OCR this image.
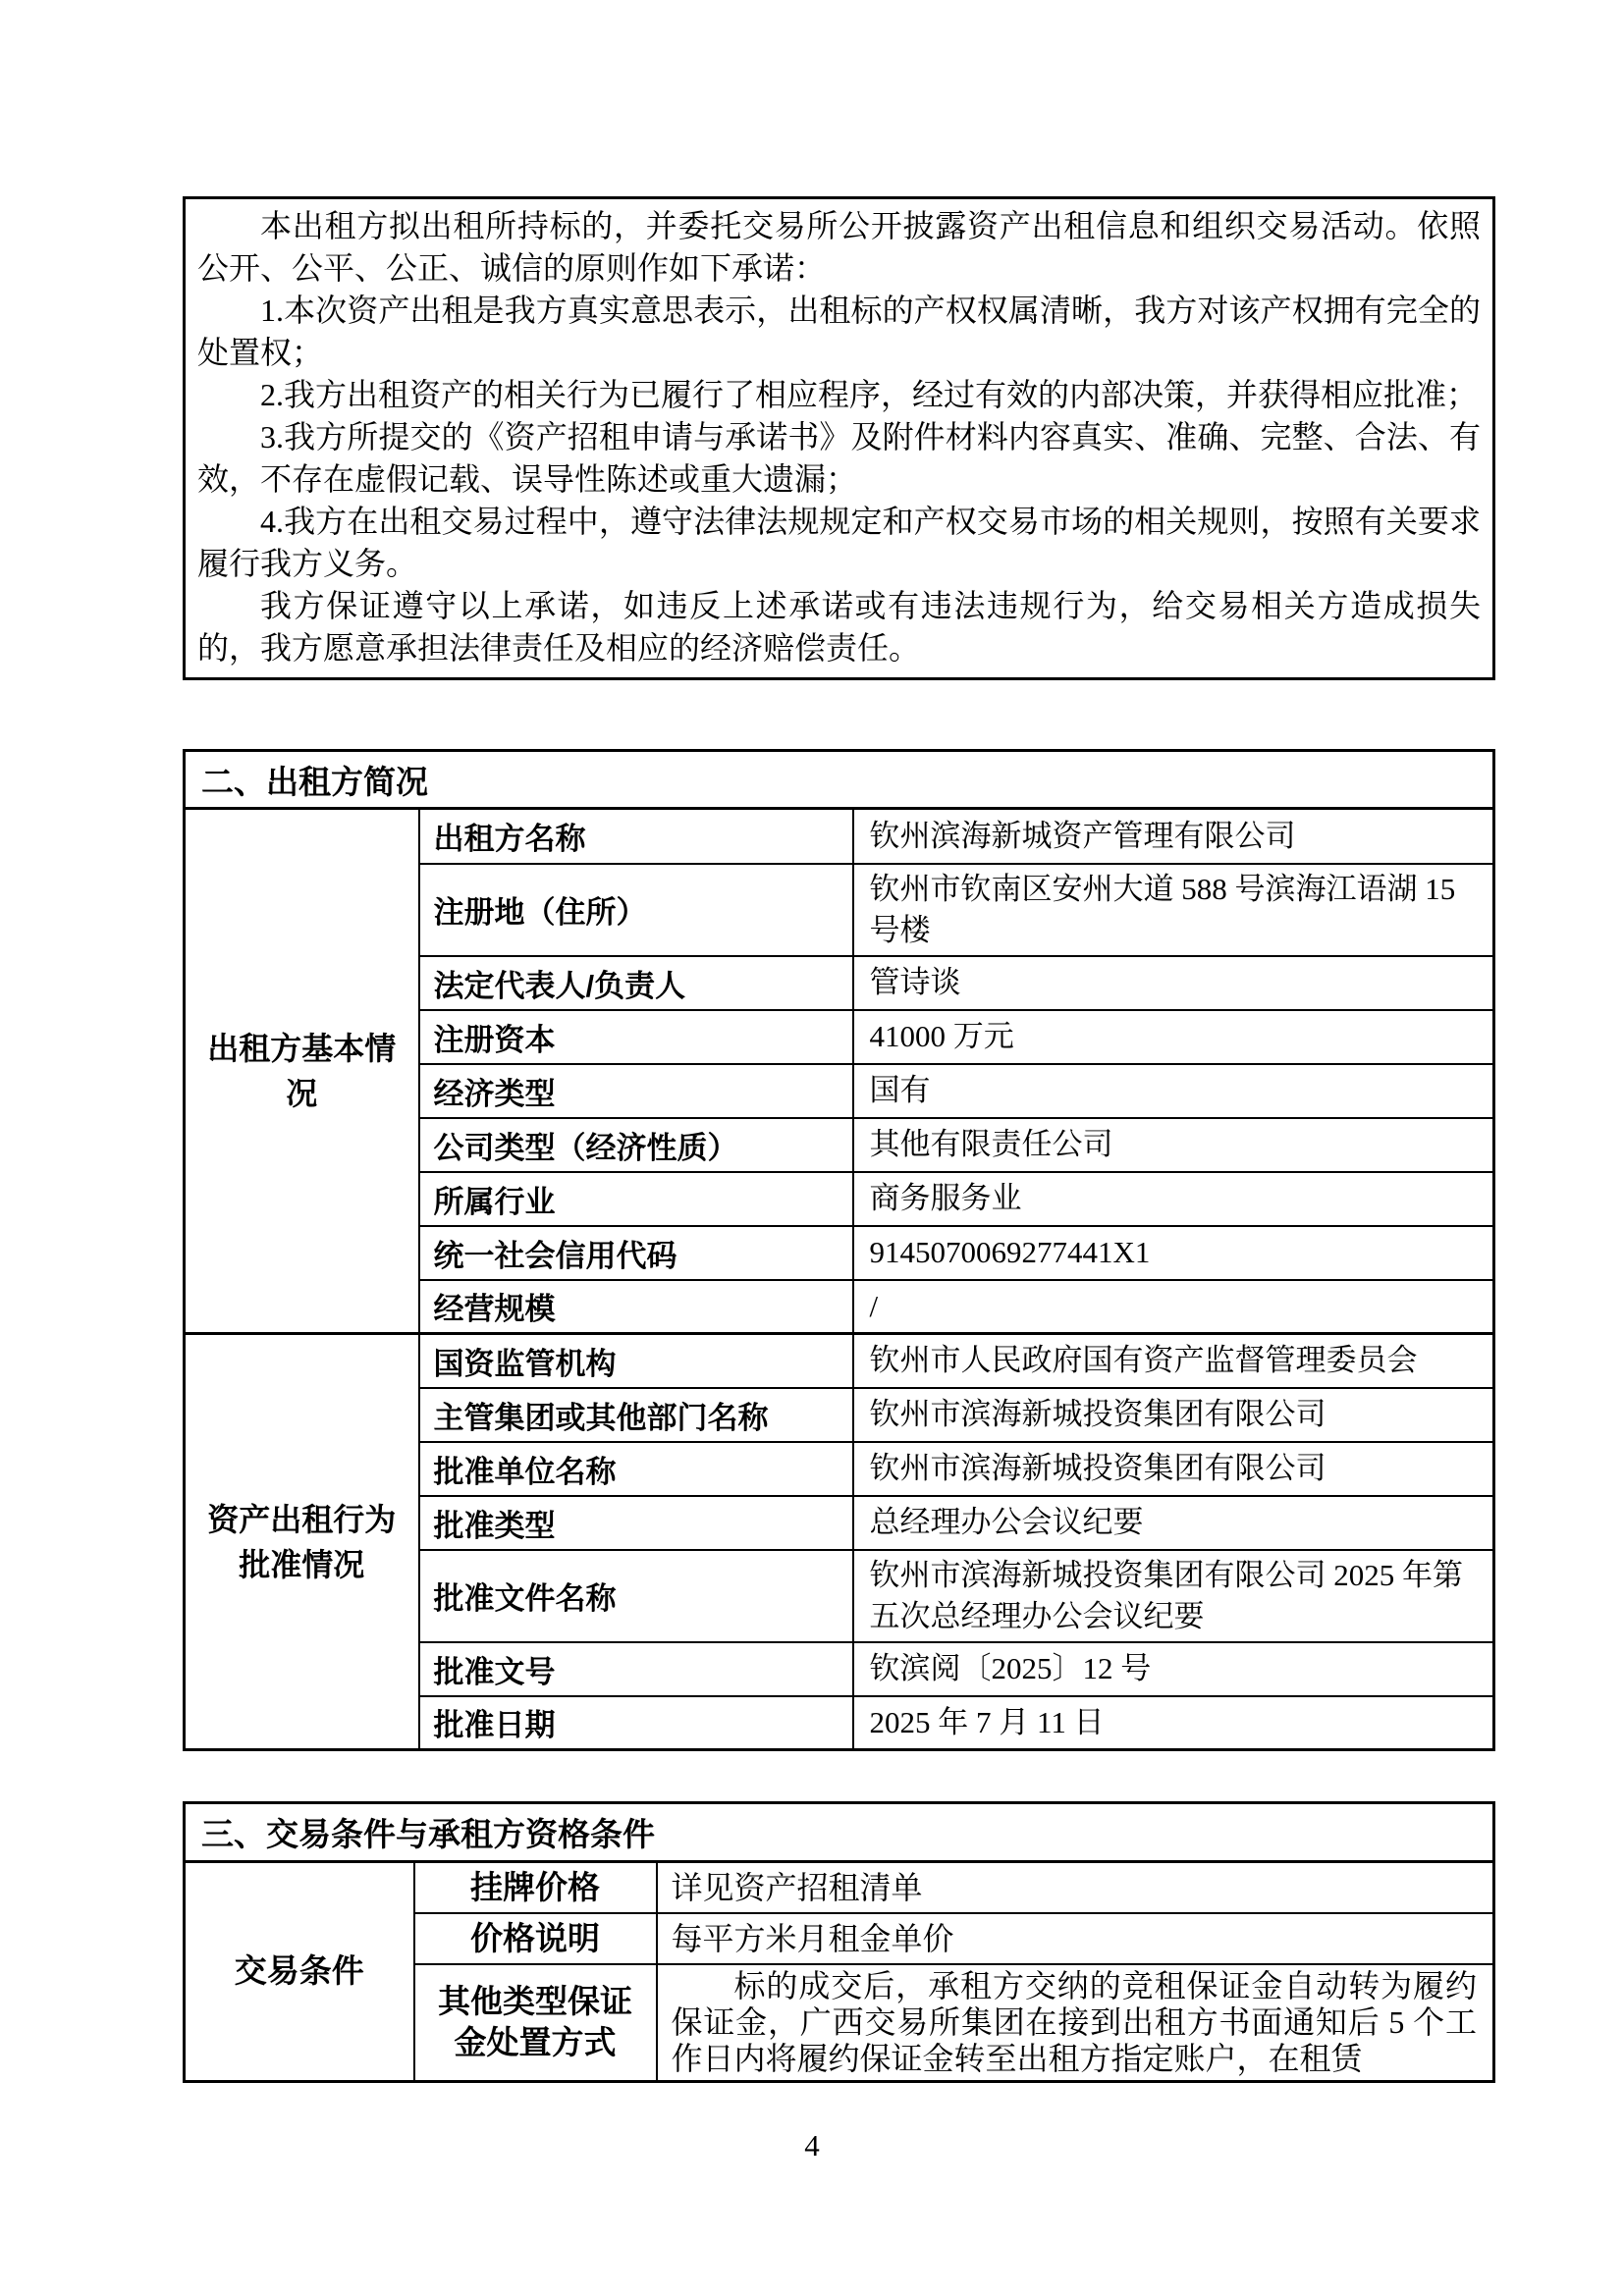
本出租方拟出租所持标的，并委托交易所公开披露资产出租信息和组织交易活动。依照公开、公平、公正、诚信的原则作如下承诺：

1.本次资产出租是我方真实意思表示，出租标的产权权属清晰，我方对该产权拥有完全的处置权；

2.我方出租资产的相关行为已履行了相应程序，经过有效的内部决策，并获得相应批准；

3.我方所提交的《资产招租申请与承诺书》及附件材料内容真实、准确、完整、合法、有效，不存在虚假记载、误导性陈述或重大遗漏；

4.我方在出租交易过程中，遵守法律法规规定和产权交易市场的相关规则，按照有关要求履行我方义务。

我方保证遵守以上承诺，如违反上述承诺或有违法违规行为，给交易相关方造成损失的，我方愿意承担法律责任及相应的经济赔偿责任。

二、出租方简况		
出租方基本情况	出租方名称	钦州滨海新城资产管理有限公司
	注册地（住所）	钦州市钦南区安州大道 588 号滨海江语湖 15 号楼
	法定代表人/负责人	管诗谈
	注册资本	41000 万元
	经济类型	国有
	公司类型（经济性质）	其他有限责任公司
	所属行业	商务服务业
	统一社会信用代码	9145070069277441X1
	经营规模	/
资产出租行为批准情况	国资监管机构	钦州市人民政府国有资产监督管理委员会
	主管集团或其他部门名称	钦州市滨海新城投资集团有限公司
	批准单位名称	钦州市滨海新城投资集团有限公司
	批准类型	总经理办公会议纪要
	批准文件名称	钦州市滨海新城投资集团有限公司 2025 年第五次总经理办公会议纪要
	批准文号	钦滨阅〔2025〕12 号
	批准日期	2025 年 7 月 11 日
三、交易条件与承租方资格条件		
交易条件	挂牌价格	详见资产招租清单
	价格说明	每平方米月租金单价
	其他类型保证金处置方式	标的成交后，承租方交纳的竞租保证金自动转为履约保证金，广西交易所集团在接到出租方书面通知后 5 个工作日内将履约保证金转至出租方指定账户，在租赁
4
